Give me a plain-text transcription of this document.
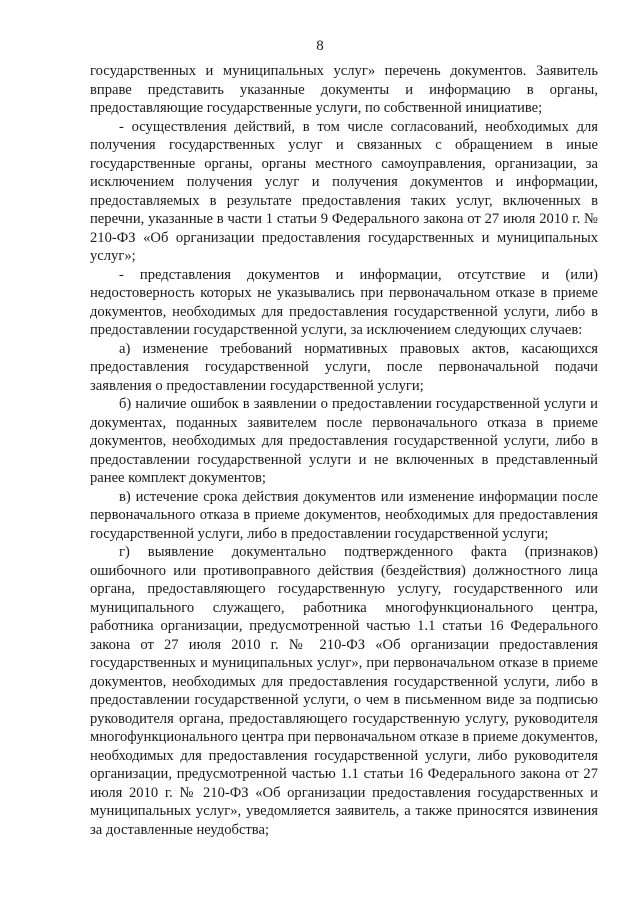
8

государственных и муниципальных услуг» перечень документов. Заявитель вправе представить указанные документы и информацию в органы, предоставляющие государственные услуги, по собственной инициативе;

- осуществления действий, в том числе согласований, необходимых для получения государственных услуг и связанных с обращением в иные государственные органы, органы местного самоуправления, организации, за исключением получения услуг и получения документов и информации, предоставляемых в результате предоставления таких услуг, включенных в перечни, указанные в части 1 статьи 9 Федерального закона от 27 июля 2010 г. № 210-ФЗ «Об организации предоставления государственных и муниципальных услуг»;

- представления документов и информации, отсутствие и (или) недостоверность которых не указывались при первоначальном отказе в приеме документов, необходимых для предоставления государственной услуги, либо в предоставлении государственной услуги, за исключением следующих случаев:

а) изменение требований нормативных правовых актов, касающихся предоставления государственной услуги, после первоначальной подачи заявления о предоставлении государственной услуги;

б) наличие ошибок в заявлении о предоставлении государственной услуги и документах, поданных заявителем после первоначального отказа в приеме документов, необходимых для предоставления государственной услуги, либо в предоставлении государственной услуги и не включенных в представленный ранее комплект документов;

в) истечение срока действия документов или изменение информации после первоначального отказа в приеме документов, необходимых для предоставления государственной услуги, либо в предоставлении государственной услуги;

г) выявление документально подтвержденного факта (признаков) ошибочного или противоправного действия (бездействия) должностного лица органа, предоставляющего государственную услугу, государственного или муниципального служащего, работника многофункционального центра, работника организации, предусмотренной частью 1.1 статьи 16 Федерального закона от 27 июля 2010 г. № 210-ФЗ «Об организации предоставления государственных и муниципальных услуг», при первоначальном отказе в приеме документов, необходимых для предоставления государственной услуги, либо в предоставлении государственной услуги, о чем в письменном виде за подписью руководителя органа, предоставляющего государственную услугу, руководителя многофункционального центра при первоначальном отказе в приеме документов, необходимых для предоставления государственной услуги, либо руководителя организации, предусмотренной частью 1.1 статьи 16 Федерального закона от 27 июля 2010 г. № 210-ФЗ «Об организации предоставления государственных и муниципальных услуг», уведомляется заявитель, а также приносятся извинения за доставленные неудобства;
